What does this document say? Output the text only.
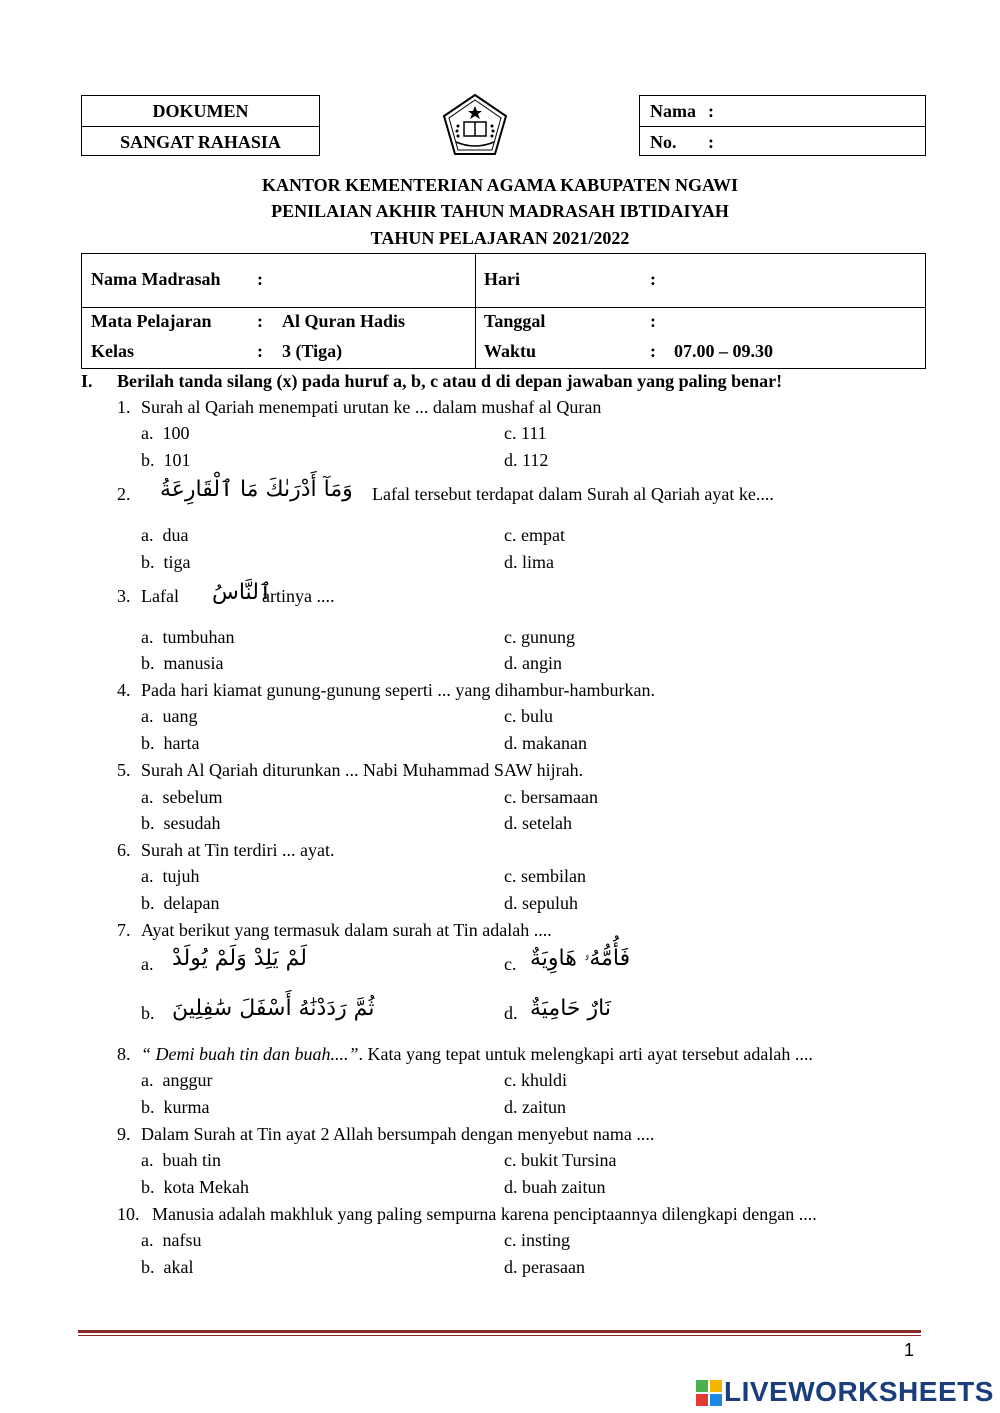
DOKUMEN
SANGAT RAHASIA
Nama :
No. :
KANTOR KEMENTERIAN AGAMA KABUPATEN NGAWI
PENILAIAN AKHIR TAHUN MADRASAH IBTIDAIYAH
TAHUN PELAJARAN 2021/2022
Nama Madrasah :	Hari	:
Mata Pelajaran	: Al Quran Hadis	Tanggal	:
Kelas	: 3 (Tiga)	Waktu	: 07.00 – 09.30
I. Berilah tanda silang (x) pada huruf a, b, c atau d di depan jawaban yang paling benar!
1. Surah al Qariah menempati urutan ke ... dalam mushaf al Quran
a. 100
b. 101
c. 111
d. 112
2. وَمَآ أَدْرَىٰكَ مَا ٱلْقَارِعَةُ Lafal tersebut terdapat dalam Surah al Qariah ayat ke....
a. dua
b. tiga
c. empat
d. lima
3. Lafal ٱلنَّاسُ
artinya ....
a. tumbuhan
b. manusia
c. gunung
d. angin
4. Pada hari kiamat gunung-gunung seperti ... yang dihambur-hamburkan.
a. uang
b. harta
c. bulu
d. makanan
5. Surah Al Qariah diturunkan ... Nabi Muhammad SAW hijrah.
a. sebelum
b. sesudah
c. bersamaan
d. setelah
6. Surah at Tin terdiri ... ayat.
a. tujuh
b. delapan
c. sembilan
d. sepuluh
7. Ayat berikut yang termasuk dalam surah at Tin adalah ....
a. لَمْ يَلِدْ وَلَمْ يُولَدْ
b. ثُمَّ رَدَدْنَٰهُ أَسْفَلَ سَٰفِلِينَ
c. فَأُمُّهُۥ هَاوِيَةٌ
d. نَارٌ حَامِيَةٌ
8. “ Demi buah tin dan buah....”. Kata yang tepat untuk melengkapi arti ayat tersebut adalah ....
a. anggur
b. kurma
c. khuldi
d. zaitun
9. Dalam Surah at Tin ayat 2 Allah bersumpah dengan menyebut nama ....
a. buah tin
b. kota Mekah
c. bukit Tursina
d. buah zaitun
10. Manusia adalah makhluk yang paling sempurna karena penciptaannya dilengkapi dengan ....
a. nafsu
b. akal
c. insting
d. perasaan
1
LIVEWORKSHEETS
